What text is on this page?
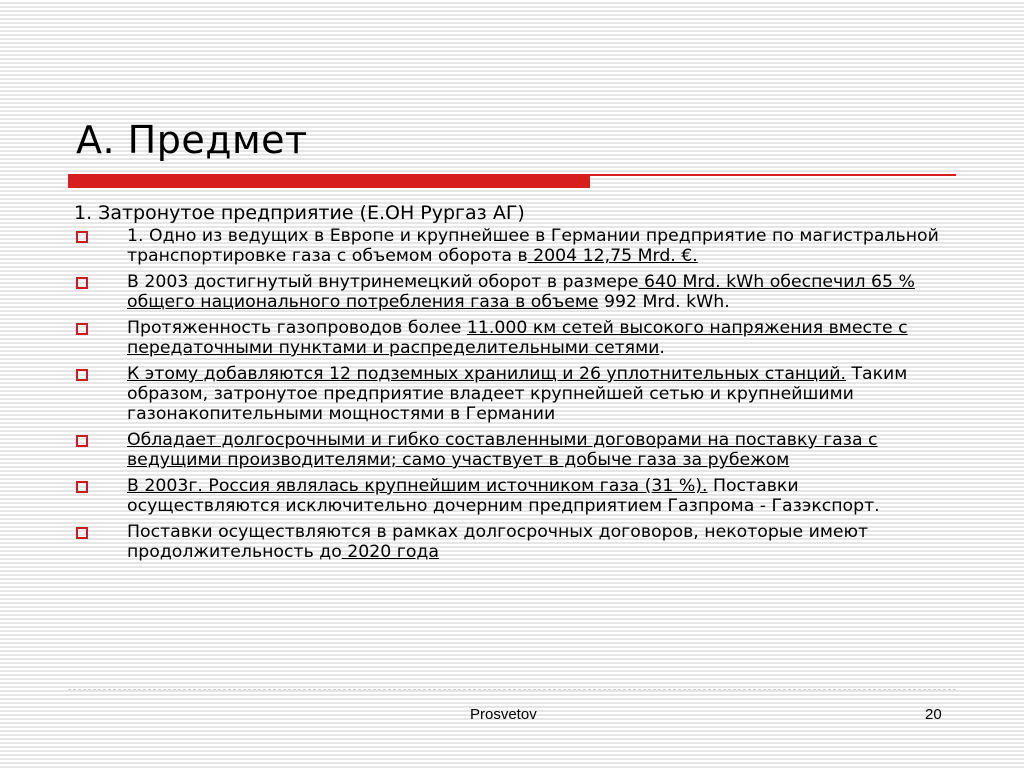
А. Предмет

1. Затронутое предприятие (Е.ОН Рургаз АГ)

1. Одно из ведущих в Европе и крупнейшее в Германии предприятие по магистральной транспортировке газа с объемом оборота в 2004 12,75 Mrd. €.
В 2003 достигнутый внутринемецкий оборот в размере 640 Mrd. kWh обеспечил 65 % общего национального потребления газа в объеме 992 Mrd. kWh.
Протяженность газопроводов более 11.000 км сетей высокого напряжения вместе с передаточными пунктами и распределительными сетями.
К этому добавляются 12 подземных хранилищ и 26 уплотнительных станций. Таким образом, затронутое предприятие владеет крупнейшей сетью и крупнейшими газонакопительными мощностями в Германии
Обладает долгосрочными и гибко составленными договорами на поставку газа с ведущими производителями; само участвует в добыче газа за рубежом
В 2003г. Россия являлась крупнейшим источником газа (31 %). Поставки осуществляются исключительно дочерним предприятием Газпрома - Газэкспорт.
Поставки осуществляются в рамках долгосрочных договоров, некоторые имеют продолжительность до 2020 года
Prosvetov	20
